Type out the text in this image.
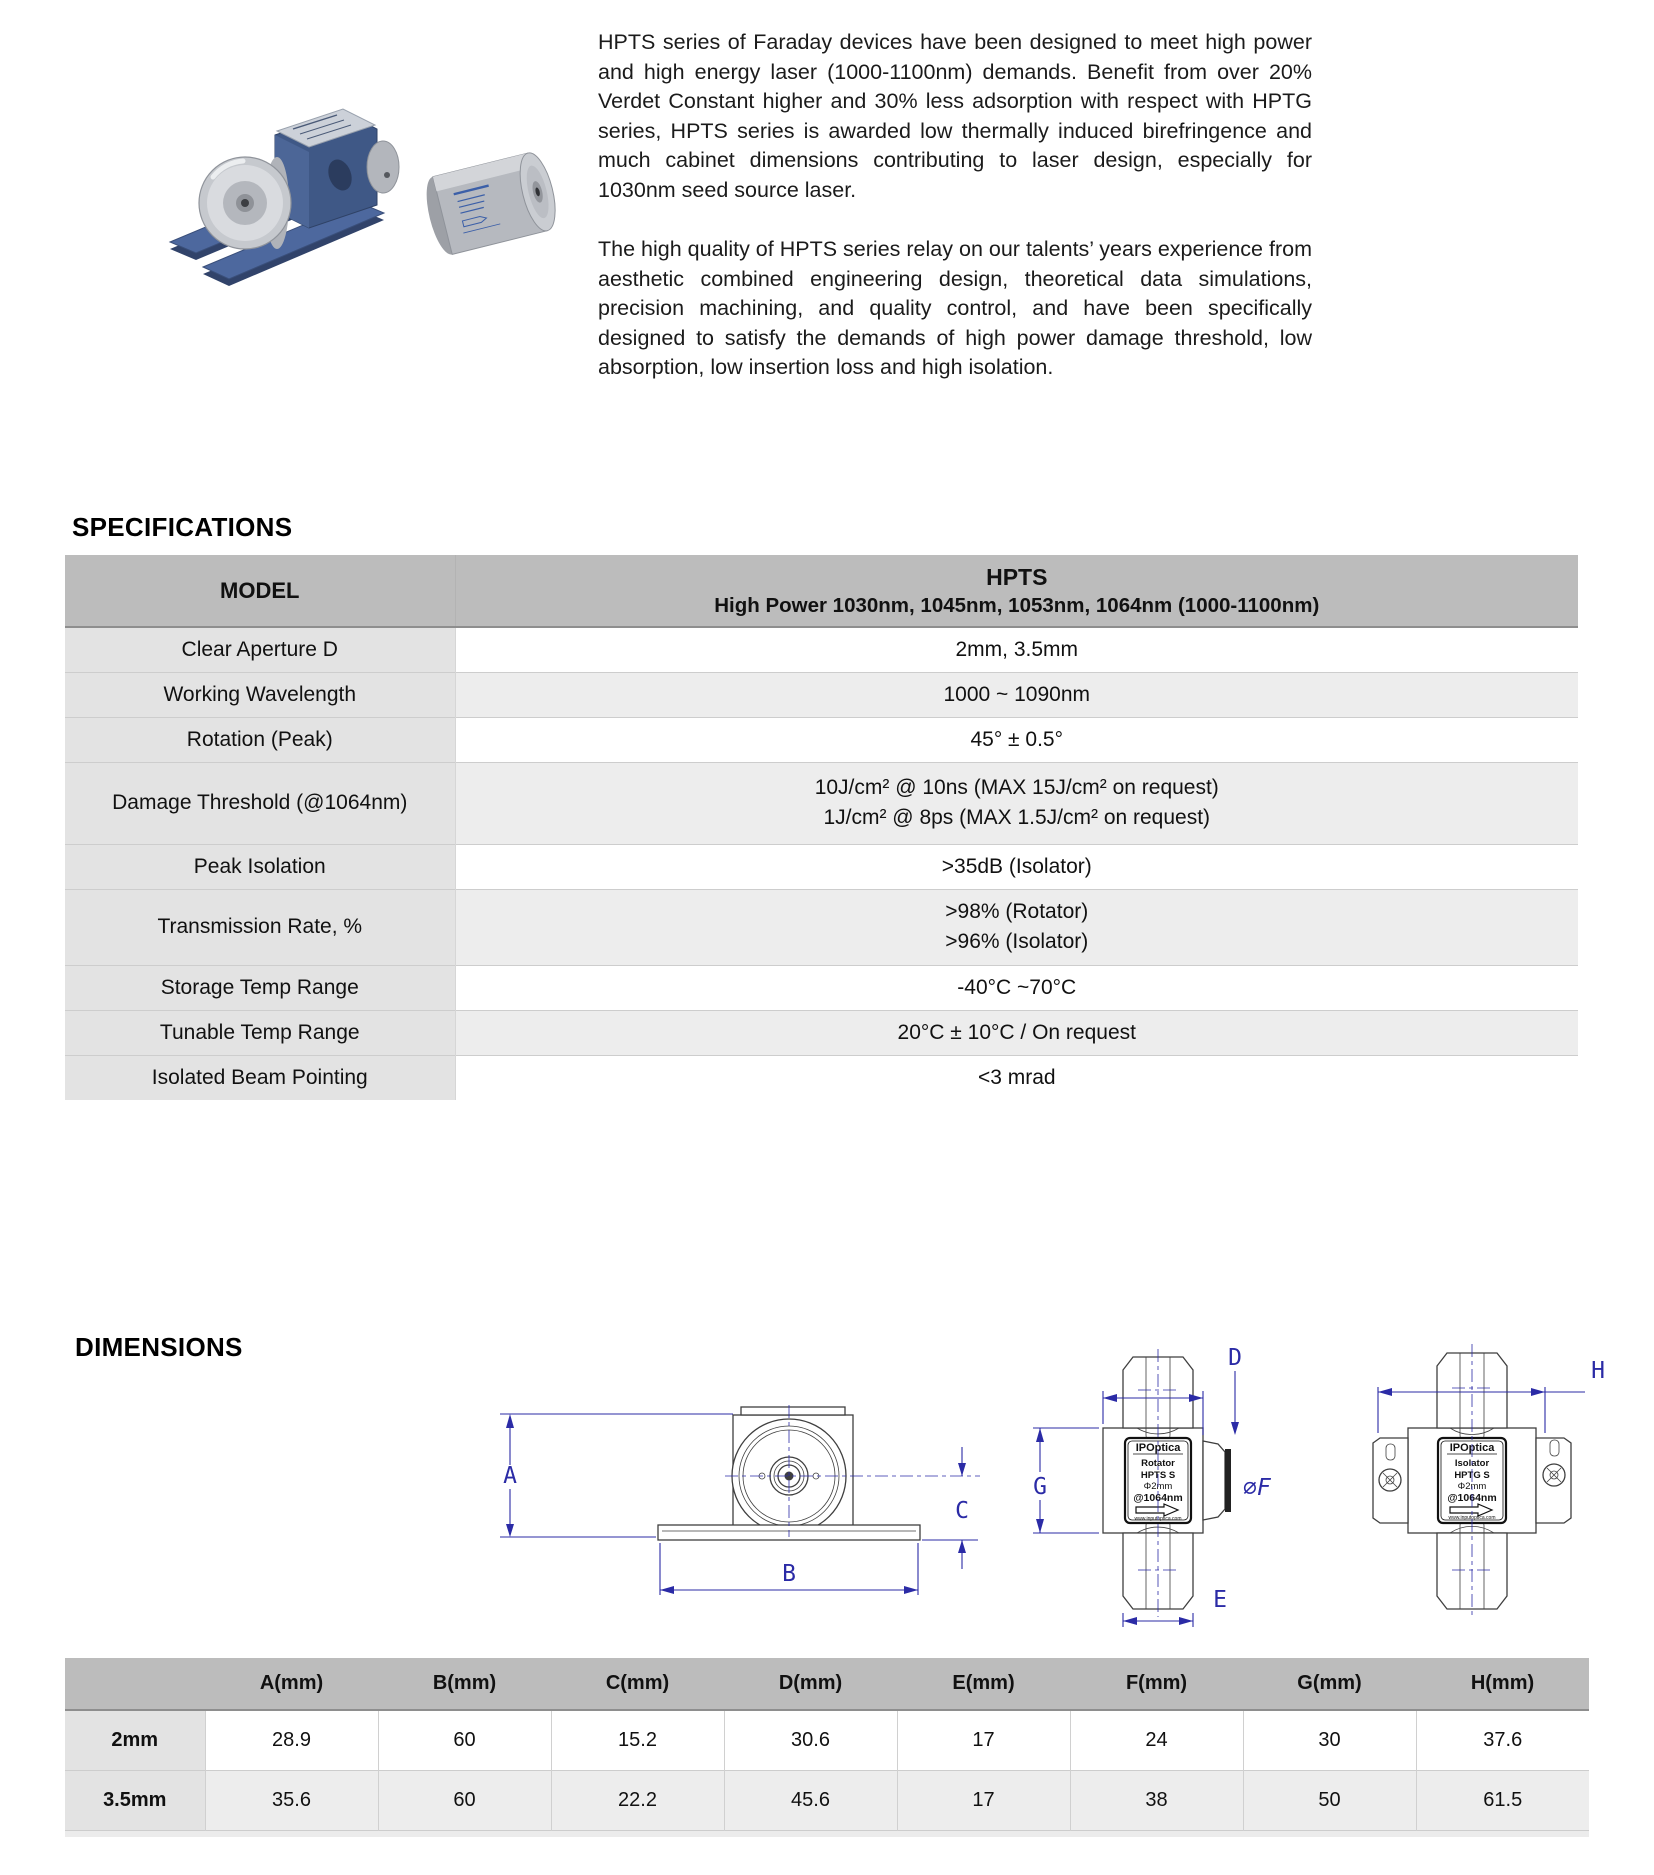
HPTS series of Faraday devices have been designed to meet high power and high energy laser (1000-1100nm) demands. Benefit from over 20% Verdet Constant higher and 30% less adsorption with respect with HPTG series, HPTS series is awarded low thermally induced birefringence and much cabinet dimensions contributing to laser design, especially for 1030nm seed source laser.

The high quality of HPTS series relay on our talents’ years experience from aesthetic combined engineering design, theoretical data simulations, precision machining, and quality control, and have been specifically designed to satisfy the demands of high power damage threshold, low absorption, low insertion loss and high isolation.

SPECIFICATIONS
MODEL	HPTS
High Power 1030nm, 1045nm, 1053nm, 1064nm (1000-1100nm)

Clear Aperture D	2mm, 3.5mm
Working Wavelength	1000 ~ 1090nm
Rotation (Peak)	45° ± 0.5°
Damage Threshold (@1064nm)	10J/cm² @ 10ns (MAX 15J/cm² on request)
1J/cm² @ 8ps (MAX 1.5J/cm² on request)

Peak Isolation	>35dB (Isolator)
Transmission Rate, %	>98% (Rotator)
>96% (Isolator)

Storage Temp Range	-40°C ~70°C
Tunable Temp Range	20°C ± 10°C / On request
Isolated Beam Pointing	<3 mrad
DIMENSIONS
A
B
C
IPOptica
Rotator
HPTS S
Φ2mm
@1064nm
www.inputoptica.com
D
G
E
∅F
IPOptica
Isolator
HPTG S
Φ2mm
@1064nm
www.inputoptica.com
H
	A(mm)	B(mm)	C(mm)	D(mm)	E(mm)	F(mm)	G(mm)	H(mm)
2mm	28.9	60	15.2	30.6	17	24	30	37.6
3.5mm	35.6	60	22.2	45.6	17	38	50	61.5
